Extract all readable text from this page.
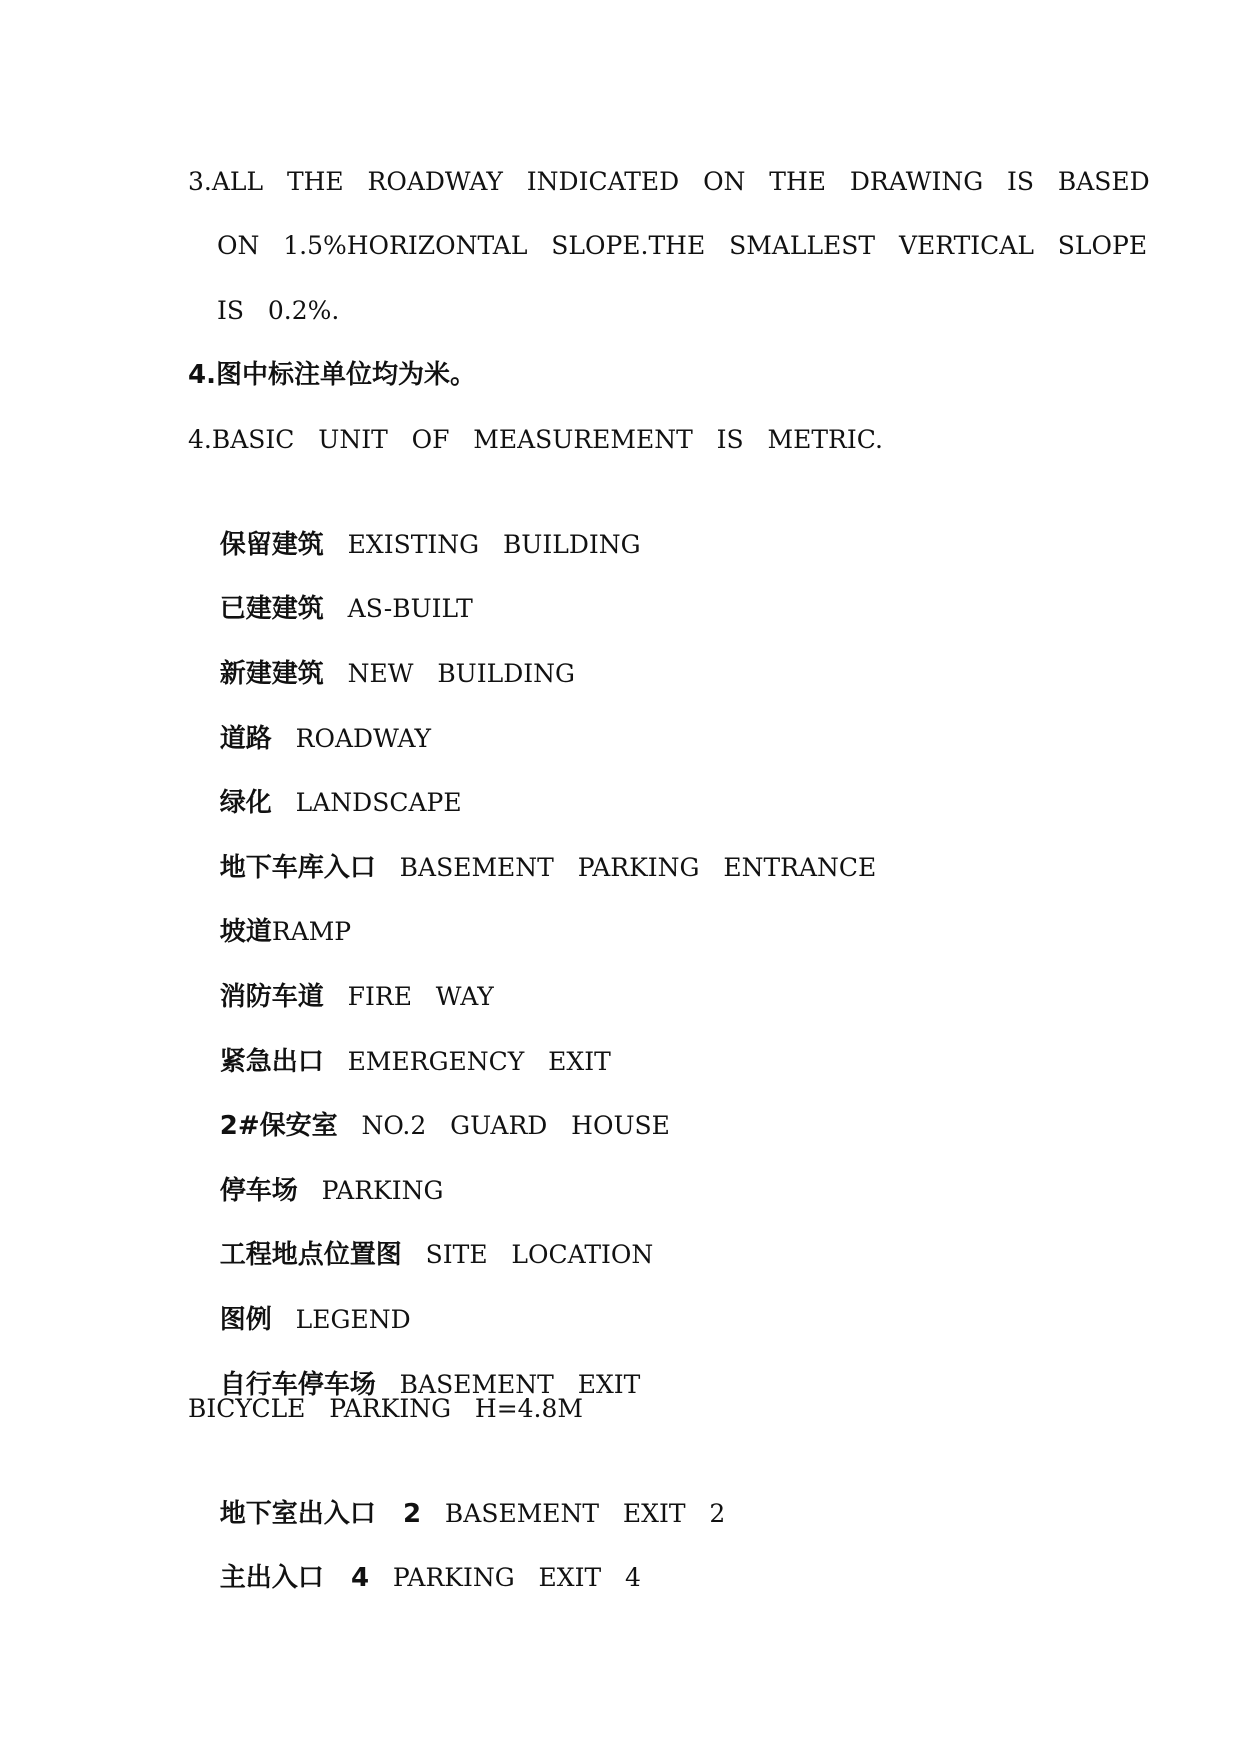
3.ALL   THE   ROADWAY   INDICATED   ON   THE   DRAWING   IS   BASED
ON   1.5%HORIZONTAL   SLOPE.THE   SMALLEST   VERTICAL   SLOPE
IS   0.2%.
4.图中标注单位均为米。
4.BASIC   UNIT   OF   MEASUREMENT   IS   METRIC.

保留建筑   EXISTING   BUILDING

已建建筑   AS-BUILT

新建建筑   NEW   BUILDING

道路   ROADWAY

绿化   LANDSCAPE

地下车库入口   BASEMENT   PARKING   ENTRANCE

坡道RAMP

消防车道   FIRE   WAY

紧急出口   EMERGENCY   EXIT

2#保安室   NO.2   GUARD   HOUSE

停车场   PARKING

工程地点位置图   SITE   LOCATION

图例   LEGEND

自行车停车场   BASEMENT   EXIT

BICYCLE   PARKING   H=4.8M

地下室出入口   2   BASEMENT   EXIT   2

主出入口   4   PARKING   EXIT   4
